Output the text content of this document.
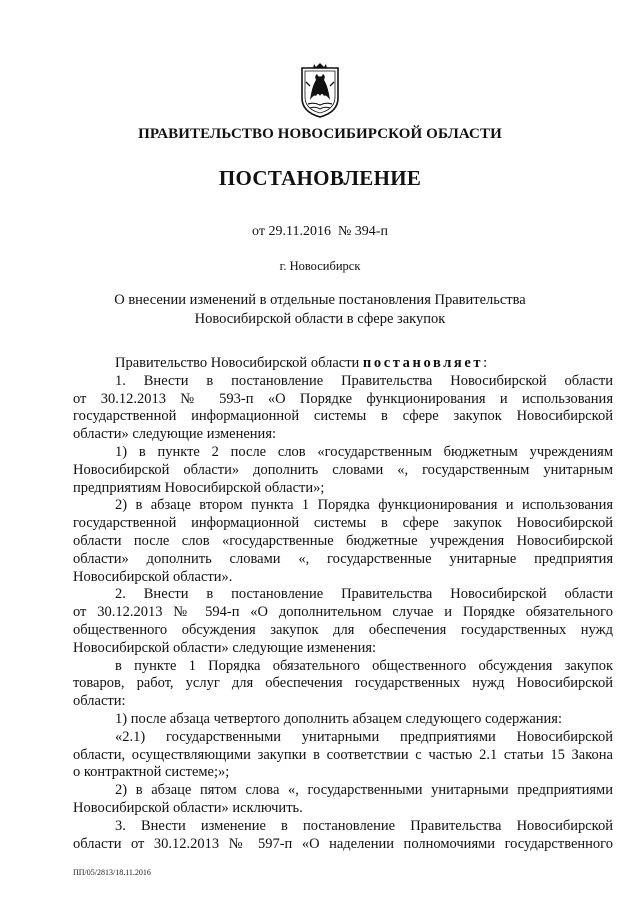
ПРАВИТЕЛЬСТВО НОВОСИБИРСКОЙ ОБЛАСТИ
ПОСТАНОВЛЕНИЕ
от 29.11.2016  № 394-п
г. Новосибирск
О внесении изменений в отдельные постановления Правительства
Новосибирской области в сфере закупок
Правительство Новосибирской области постановляет:
1. Внести в постановление Правительства Новосибирской области
от 30.12.2013 № 593-п «О Порядке функционирования и использования
государственной информационной системы в сфере закупок Новосибирской
области» следующие изменения:
1) в пункте 2 после слов «государственным бюджетным учреждениям
Новосибирской области» дополнить словами «, государственным унитарным
предприятиям Новосибирской области»;
2) в абзаце втором пункта 1 Порядка функционирования и использования
государственной информационной системы в сфере закупок Новосибирской
области после слов «государственные бюджетные учреждения Новосибирской
области» дополнить словами «, государственные унитарные предприятия
Новосибирской области».
2. Внести в постановление Правительства Новосибирской области
от 30.12.2013 № 594-п «О дополнительном случае и Порядке обязательного
общественного обсуждения закупок для обеспечения государственных нужд
Новосибирской области» следующие изменения:
в пункте 1 Порядка обязательного общественного обсуждения закупок
товаров, работ, услуг для обеспечения государственных нужд Новосибирской
области:
1) после абзаца четвертого дополнить абзацем следующего содержания:
«2.1) государственными унитарными предприятиями Новосибирской
области, осуществляющими закупки в соответствии с частью 2.1 статьи 15 Закона
о контрактной системе;»;
2) в абзаце пятом слова «, государственными унитарными предприятиями
Новосибирской области» исключить.
3. Внести изменение в постановление Правительства Новосибирской
области от 30.12.2013 № 597-п «О наделении полномочиями государственного
ПП/05/2813/18.11.2016
